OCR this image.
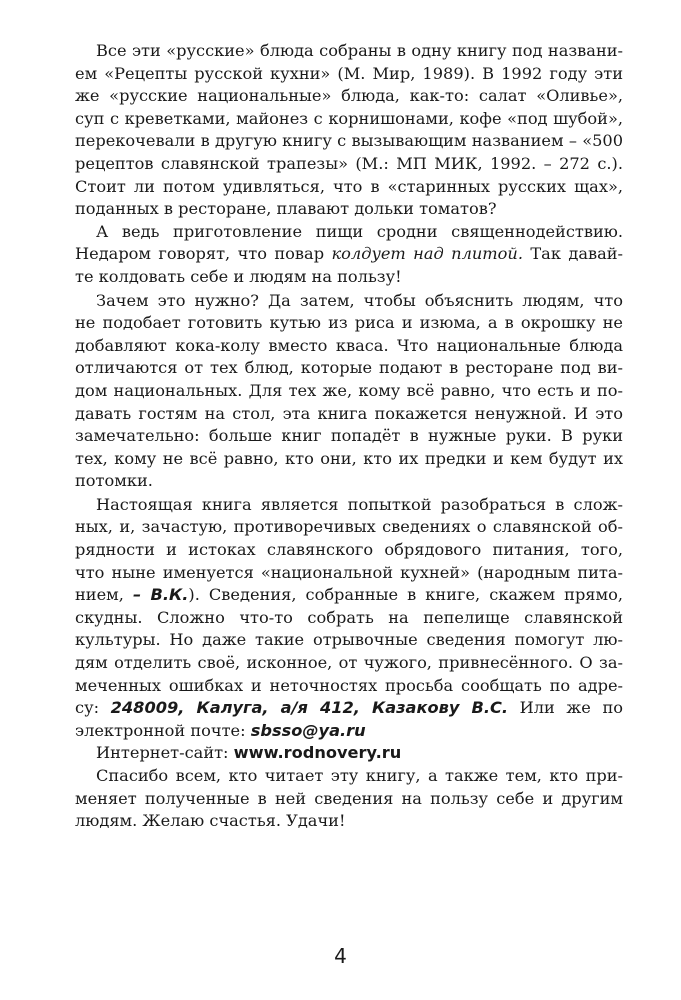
Все эти «русские» блюда собраны в одну книгу под названи-
ем «Рецепты русской кухни» (М. Мир, 1989). В 1992 году эти
же «русские национальные» блюда, как-то: салат «Оливье»,
суп с креветками, майонез с корнишонами, кофе «под шубой»,
перекочевали в другую книгу с вызывающим названием – «500
рецептов славянской трапезы» (М.: МП МИК, 1992. – 272 с.).
Стоит ли потом удивляться, что в «старинных русских щах»,
поданных в ресторане, плавают дольки томатов?
А ведь приготовление пищи сродни священнодействию.
Недаром говорят, что повар колдует над плитой. Так давай-
те колдовать себе и людям на пользу!
Зачем это нужно? Да затем, чтобы объяснить людям, что
не подобает готовить кутью из риса и изюма, а в окрошку не
добавляют кока-колу вместо кваса. Что национальные блюда
отличаются от тех блюд, которые подают в ресторане под ви-
дом национальных. Для тех же, кому всё равно, что есть и по-
давать гостям на стол, эта книга покажется ненужной. И это
замечательно: больше книг попадёт в нужные руки. В руки
тех, кому не всё равно, кто они, кто их предки и кем будут их
потомки.
Настоящая книга является попыткой разобраться в слож-
ных, и, зачастую, противоречивых сведениях о славянской об-
рядности и истоках славянского обрядового питания, того,
что ныне именуется «национальной кухней» (народным пита-
нием, – В.К.). Сведения, собранные в книге, скажем прямо,
скудны. Сложно что-то собрать на пепелище славянской
культуры. Но даже такие отрывочные сведения помогут лю-
дям отделить своё, исконное, от чужого, привнесённого. О за-
меченных ошибках и неточностях просьба сообщать по адре-
су: 248009, Калуга, а/я 412, Казакову В.С. Или же по
электронной почте: sbsso@ya.ru
Интернет-сайт: www.rodnovery.ru
Спасибо всем, кто читает эту книгу, а также тем, кто при-
меняет полученные в ней сведения на пользу себе и другим
людям. Желаю счастья. Удачи!
4
